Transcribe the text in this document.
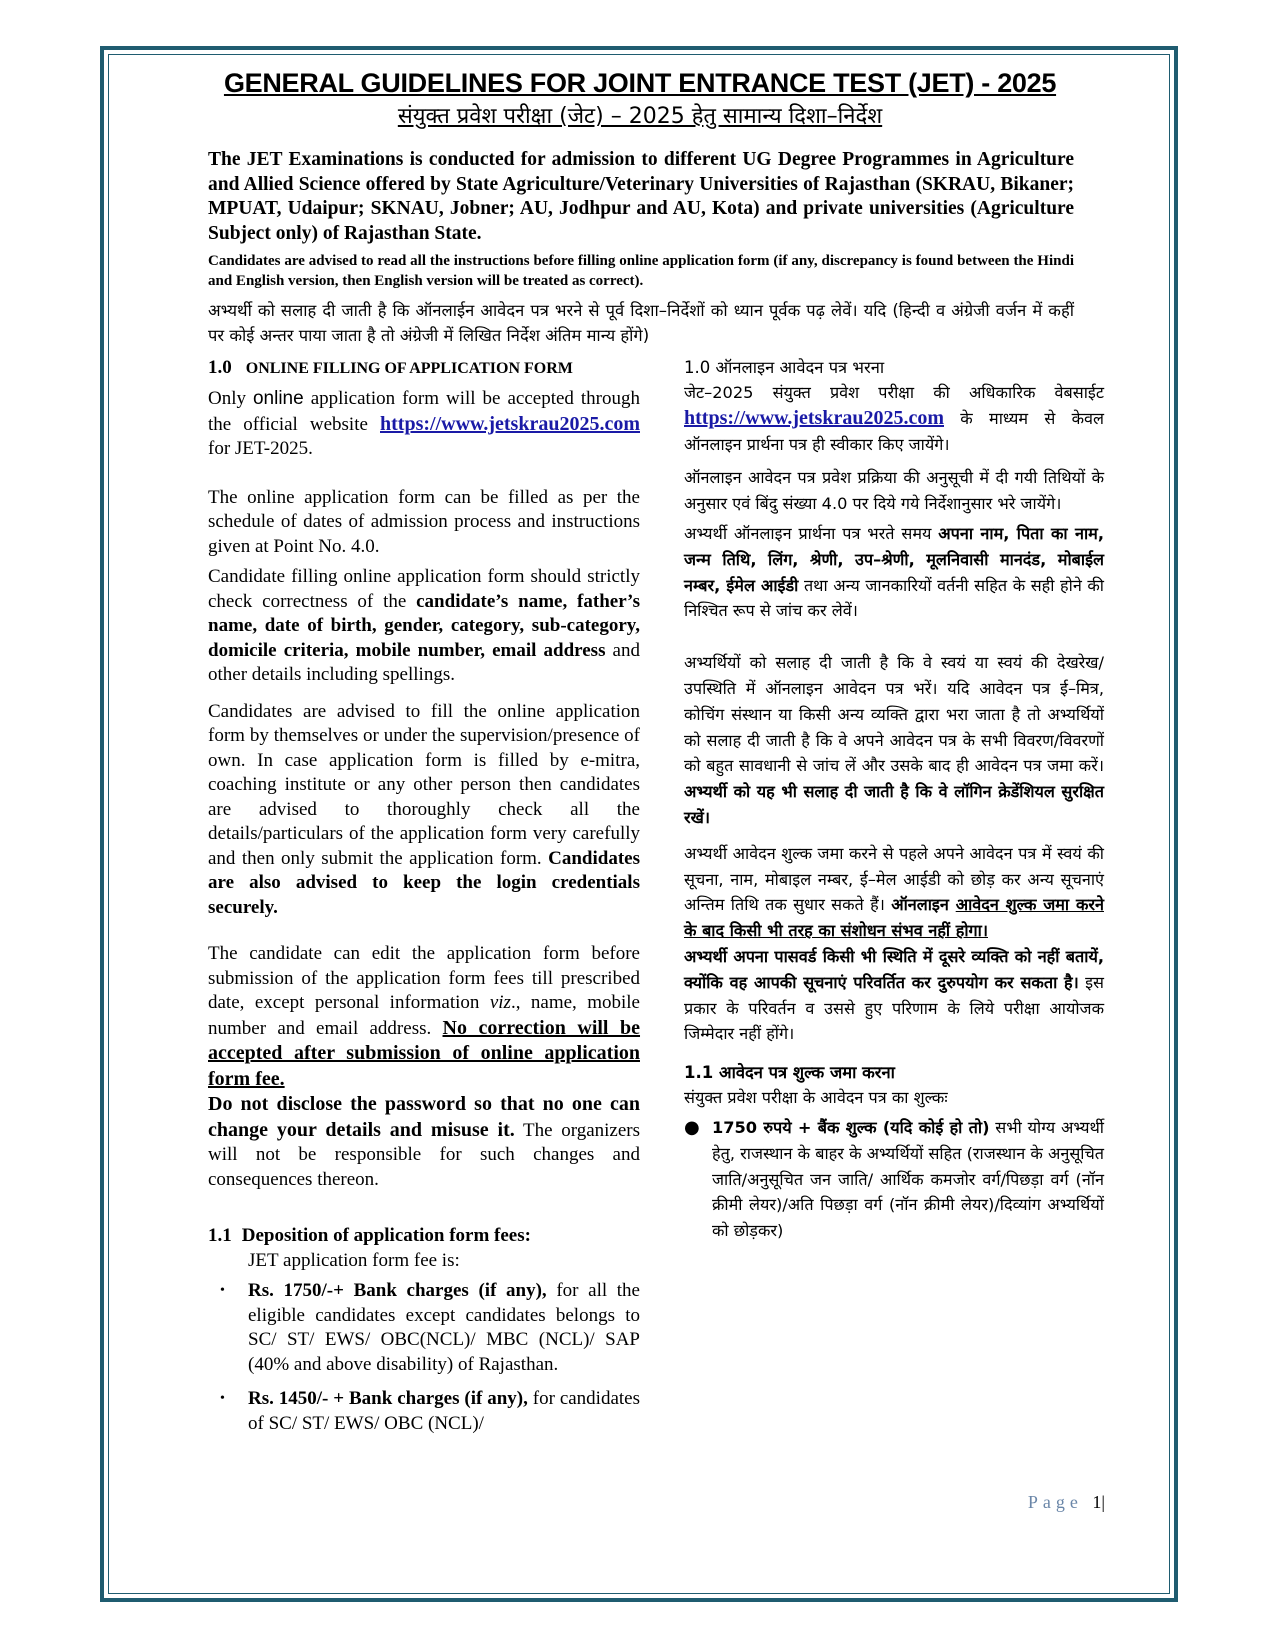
GENERAL GUIDELINES FOR JOINT ENTRANCE TEST (JET) - 2025
संयुक्त प्रवेश परीक्षा (जेट) – 2025 हेतु सामान्य दिशा–निर्देश
The JET Examinations is conducted for admission to different UG Degree Programmes in Agriculture and Allied Science offered by State Agriculture/Veterinary Universities of Rajasthan (SKRAU, Bikaner; MPUAT, Udaipur; SKNAU, Jobner; AU, Jodhpur and AU, Kota) and private universities (Agriculture Subject only) of Rajasthan State.
Candidates are advised to read all the instructions before filling online application form (if any, discrepancy is found between the Hindi and English version, then English version will be treated as correct).
अभ्यर्थी को सलाह दी जाती है कि ऑनलाईन आवेदन पत्र भरने से पूर्व दिशा–निर्देशों को ध्यान पूर्वक पढ़ लेवें। यदि (हिन्दी व अंग्रेजी वर्जन में कहीं पर कोई अन्तर पाया जाता है तो अंग्रेजी में लिखित निर्देश अंतिम मान्य होंगे)

1.0 ONLINE FILLING OF APPLICATION FORM

Only online application form will be accepted through the official website https://www.jetskrau2025.com for JET-2025.

The online application form can be filled as per the schedule of dates of admission process and instructions given at Point No. 4.0.

Candidate filling online application form should strictly check correctness of the candidate’s name, father’s name, date of birth, gender, category, sub-category, domicile criteria, mobile number, email address and other details including spellings.

Candidates are advised to fill the online application form by themselves or under the supervision/presence of own. In case application form is filled by e-mitra, coaching institute or any other person then candidates are advised to thoroughly check all the details/particulars of the application form very carefully and then only submit the application form. Candidates are also advised to keep the login credentials securely.

The candidate can edit the application form before submission of the application form fees till prescribed date, except personal information viz., name, mobile number and email address. No correction will be accepted after submission of online application form fee.

Do not disclose the password so that no one can change your details and misuse it. The organizers will not be responsible for such changes and consequences thereon.

1.1 Deposition of application form fees:

JET application form fee is:

• Rs. 1750/-+ Bank charges (if any), for all the eligible candidates except candidates belongs to SC/ ST/ EWS/ OBC(NCL)/ MBC (NCL)/ SAP (40% and above disability) of Rajasthan.
• Rs. 1450/- + Bank charges (if any), for candidates of SC/ ST/ EWS/ OBC (NCL)/

1.0 ऑनलाइन आवेदन पत्र भरना

जेट–2025 संयुक्त प्रवेश परीक्षा की अधिकारिक वेबसाईट https://www.jetskrau2025.com के माध्यम से केवल ऑनलाइन प्रार्थना पत्र ही स्वीकार किए जायेंगे।

ऑनलाइन आवेदन पत्र प्रवेश प्रक्रिया की अनुसूची में दी गयी तिथियों के अनुसार एवं बिंदु संख्या 4.0 पर दिये गये निर्देशानुसार भरे जायेंगे।

अभ्यर्थी ऑनलाइन प्रार्थना पत्र भरते समय अपना नाम, पिता का नाम, जन्म तिथि, लिंग, श्रेणी, उप–श्रेणी, मूलनिवासी मानदंड, मोबाईल नम्बर, ईमेल आईडी तथा अन्य जानकारियों वर्तनी सहित के सही होने की निश्चित रूप से जांच कर लेवें।

अभ्यर्थियों को सलाह दी जाती है कि वे स्वयं या स्वयं की देखरेख/उपस्थिति में ऑनलाइन आवेदन पत्र भरें। यदि आवेदन पत्र ई–मित्र, कोचिंग संस्थान या किसी अन्य व्यक्ति द्वारा भरा जाता है तो अभ्यर्थियों को सलाह दी जाती है कि वे अपने आवेदन पत्र के सभी विवरण/विवरणों को बहुत सावधानी से जांच लें और उसके बाद ही आवेदन पत्र जमा करें। अभ्यर्थी को यह भी सलाह दी जाती है कि वे लॉगिन क्रेडेंशियल सुरक्षित रखें।

अभ्यर्थी आवेदन शुल्क जमा करने से पहले अपने आवेदन पत्र में स्वयं की सूचना, नाम, मोबाइल नम्बर, ई–मेल आईडी को छोड़ कर अन्य सूचनाएं अन्तिम तिथि तक सुधार सकते हैं। ऑनलाइन आवेदन शुल्क जमा करने के बाद किसी भी तरह का संशोधन संभव नहीं होगा।

अभ्यर्थी अपना पासवर्ड किसी भी स्थिति में दूसरे व्यक्ति को नहीं बतायें, क्योंकि वह आपकी सूचनाएं परिवर्तित कर दुरुपयोग कर सकता है। इस प्रकार के परिवर्तन व उससे हुए परिणाम के लिये परीक्षा आयोजक जिम्मेदार नहीं होंगे।

1.1 आवेदन पत्र शुल्क जमा करना

संयुक्त प्रवेश परीक्षा के आवेदन पत्र का शुल्कः

● 1750 रुपये + बैंक शुल्क (यदि कोई हो तो) सभी योग्य अभ्यर्थी हेतु, राजस्थान के बाहर के अभ्यर्थियों सहित (राजस्थान के अनुसूचित जाति/अनुसूचित जन जाति/ आर्थिक कमजोर वर्ग/पिछड़ा वर्ग (नॉन क्रीमी लेयर)/अति पिछड़ा वर्ग (नॉन क्रीमी लेयर)/दिव्यांग अभ्यर्थियों को छोड़कर)
Page 1|
